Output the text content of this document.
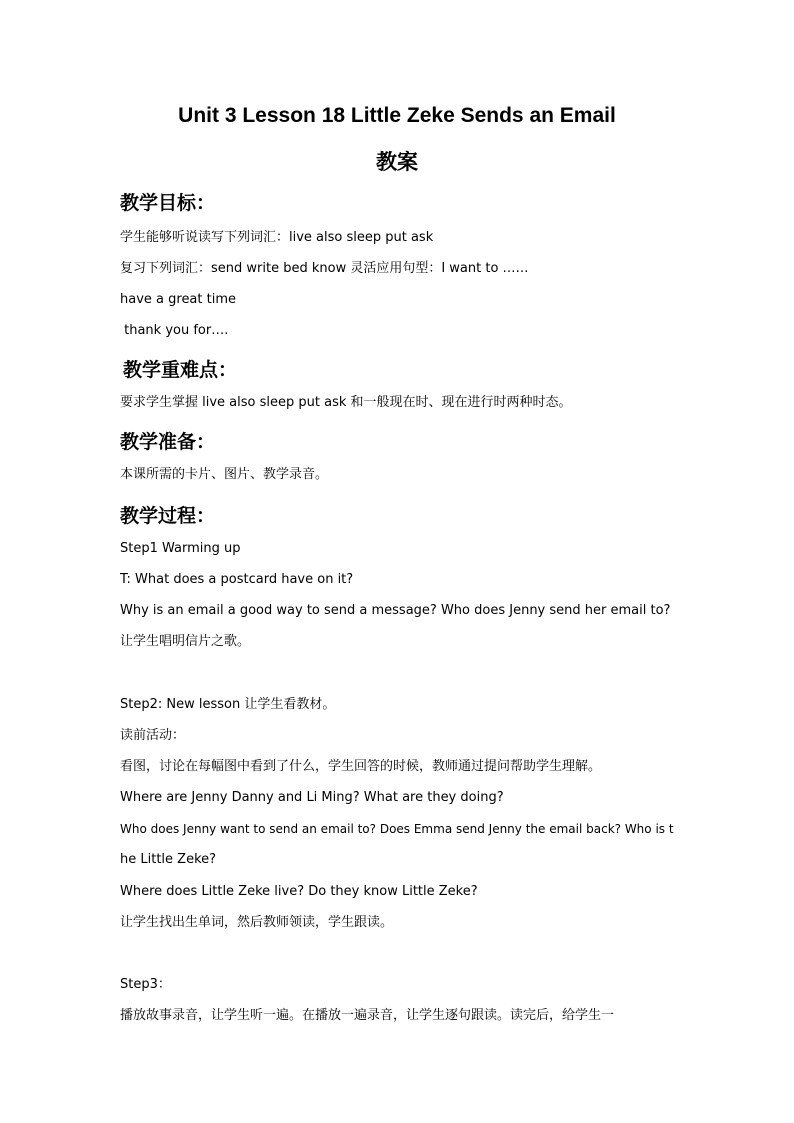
Unit 3 Lesson 18 Little Zeke Sends an Email
教案
教学目标：
学生能够听说读写下列词汇：live also sleep put ask
复习下列词汇：send write bed know 灵活应用句型：I want to ……
have a great time
thank you for….
教学重难点：
要求学生掌握 live also sleep put ask 和一般现在时、现在进行时两种时态。
教学准备：
本课所需的卡片、图片、教学录音。
教学过程：
Step1 Warming up
T: What does a postcard have on it?
Why is an email a good way to send a message? Who does Jenny send her email to?
让学生唱明信片之歌。
Step2: New lesson 让学生看教材。
读前活动：
看图，讨论在每幅图中看到了什么，学生回答的时候，教师通过提问帮助学生理解。
Where are Jenny Danny and Li Ming? What are they doing?
Who does Jenny want to send an email to? Does Emma send Jenny the email back? Who is t
he Little Zeke?
Where does Little Zeke live? Do they know Little Zeke?
让学生找出生单词，然后教师领读，学生跟读。
Step3：
播放故事录音，让学生听一遍。在播放一遍录音，让学生逐句跟读。读完后，给学生一
